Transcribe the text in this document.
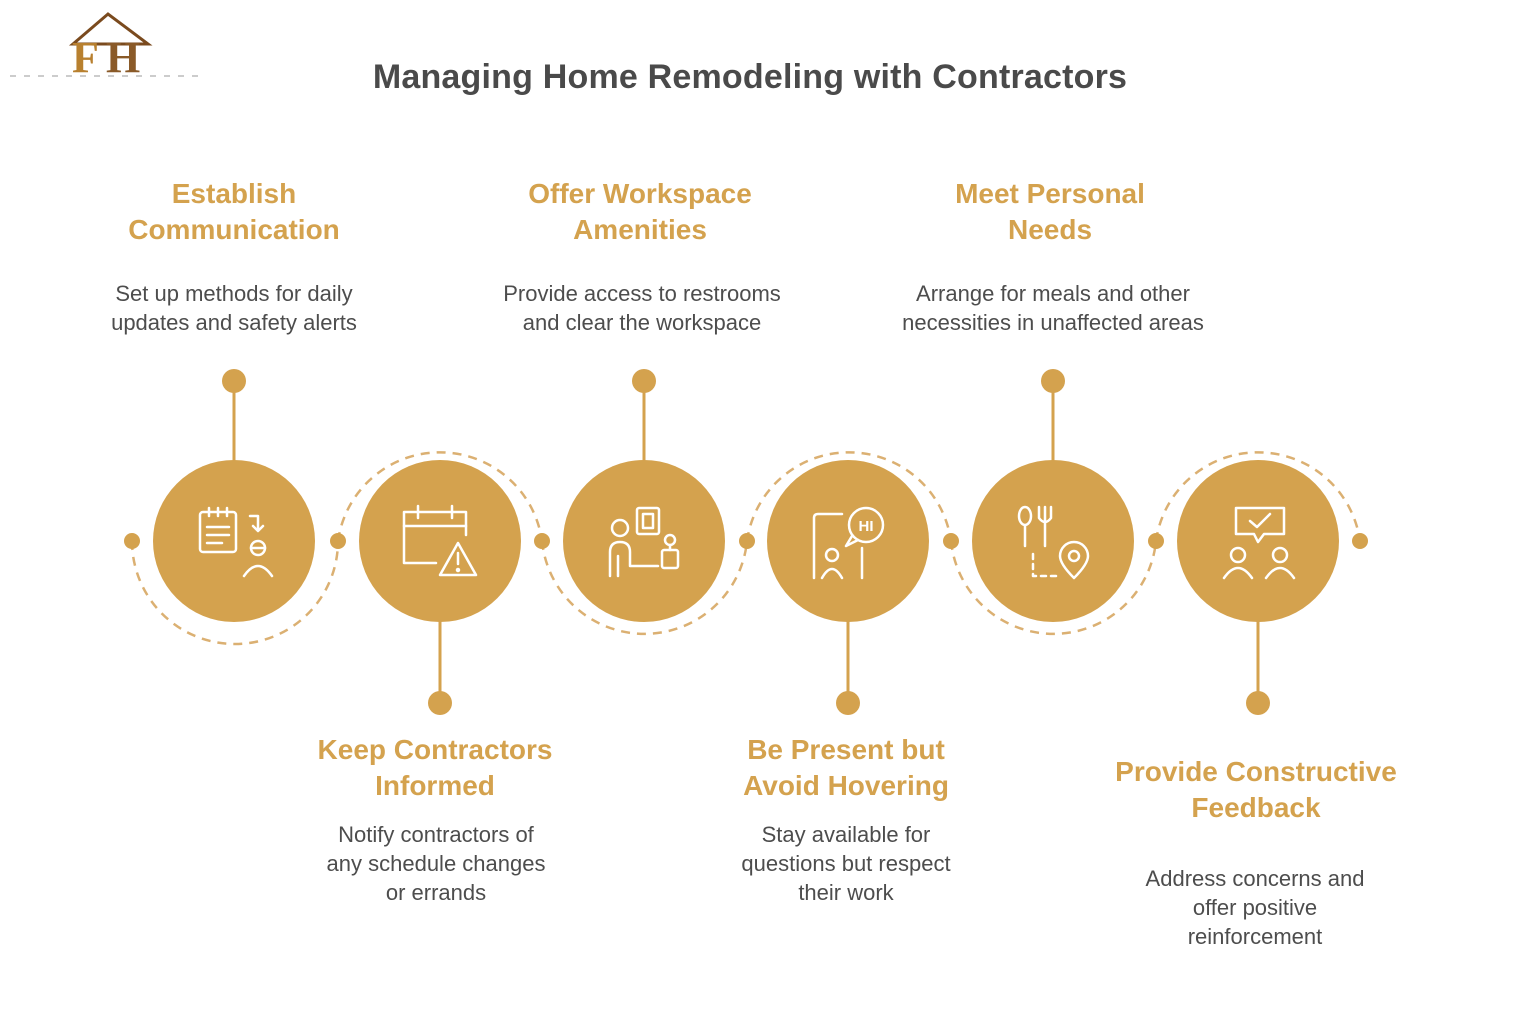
F H	Managing Home Remodeling with Contractors
HI
Establish
Communication
Set up methods for daily
updates and safety alerts
Offer Workspace
Amenities
Provide access to restrooms
and clear the workspace
Meet Personal
Needs
Arrange for meals and other
necessities in unaffected areas
Keep Contractors
Informed
Notify contractors of
any schedule changes
or errands
Be Present but
Avoid Hovering
Stay available for
questions but respect
their work
Provide Constructive
Feedback
Address concerns and
offer positive
reinforcement
